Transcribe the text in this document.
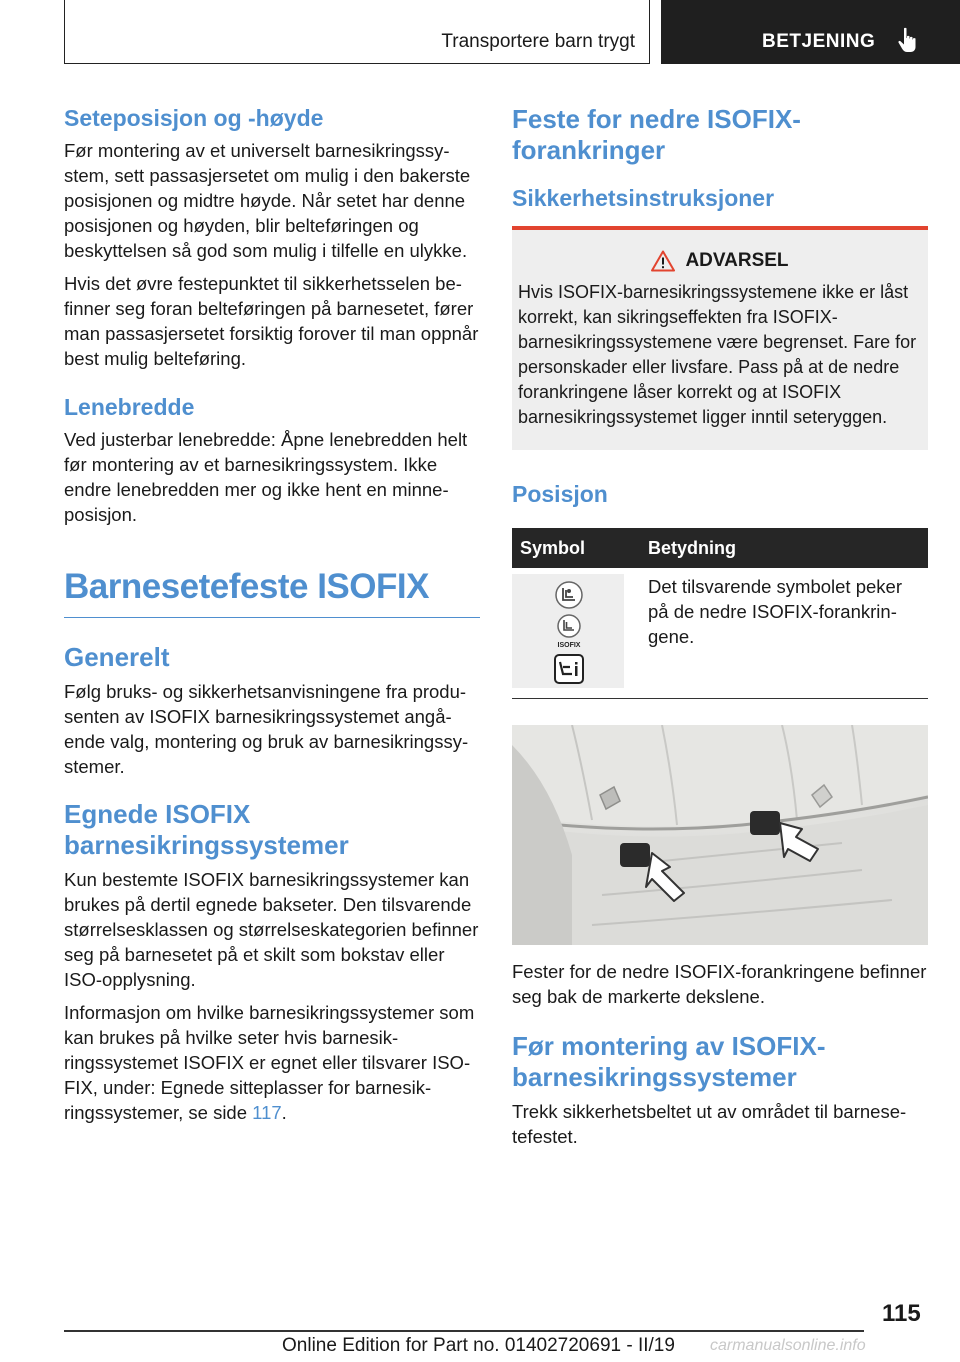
Transportere barn trygt	BETJENING
Seteposisjon og -høyde

Før montering av et universelt barnesikringssystem, sett passasjersetet om mulig i den bakerste posisjonen og midtre høyde. Når setet har denne posisjonen og høyden, blir belteføringen og beskyttelsen så god som mulig i tilfelle en ulykke.

Hvis det øvre festepunktet til sikkerhetsselen befinner seg foran belteføringen på barnesetet, fører man passasjersetet forsiktig forover til man oppnår best mulig belteføring.

Lenebredde

Ved justerbar lenebredde: Åpne lenebredden helt før montering av et barnesikringssystem. Ikke endre lenebredden mer og ikke hent en minne-posisjon.

Barnesetefeste ISOFIX
Generelt

Følg bruks- og sikkerhetsanvisningene fra produsenten av ISOFIX barnesikringssystemet angående valg, montering og bruk av barnesikringssystemer.

Egnede ISOFIX barnesikringssystemer

Kun bestemte ISOFIX barnesikringssystemer kan brukes på dertil egnede bakseter. Den tilsvarende størrelsesklassen og størrelseskategorien befinner seg på barnesetet på et skilt som bokstav eller ISO-opplysning.

Informasjon om hvilke barnesikringssystemer som kan brukes på hvilke seter hvis barnesikringssystemet ISOFIX er egnet eller tilsvarer ISOFIX, under: Egnede sitteplasser for barnesikringssystemer, se side 117.

Feste for nedre ISOFIX-forankringer
Sikkerhetsinstruksjoner
ADVARSEL

Hvis ISOFIX-barnesikringssystemene ikke er låst korrekt, kan sikringseffekten fra ISOFIX-barnesikringssystemene være begrenset. Fare for personskader eller livsfare. Pass på at de nedre forankringene låser korrekt og at ISOFIX barnesikringssystemet ligger inntil seteryggen.

Posisjon
Symbol	Betydning

ISOFIX	Det tilsvarende symbolet peker på de nedre ISOFIX-forankringene.

Fester for de nedre ISOFIX-forankringene befinner seg bak de markerte dekslene.

Før montering av ISOFIX-barnesikringssystemer

Trekk sikkerhetsbeltet ut av området til barnesetefestet.

115
Online Edition for Part no. 01402720691 - II/19 carmanualsonline.info
